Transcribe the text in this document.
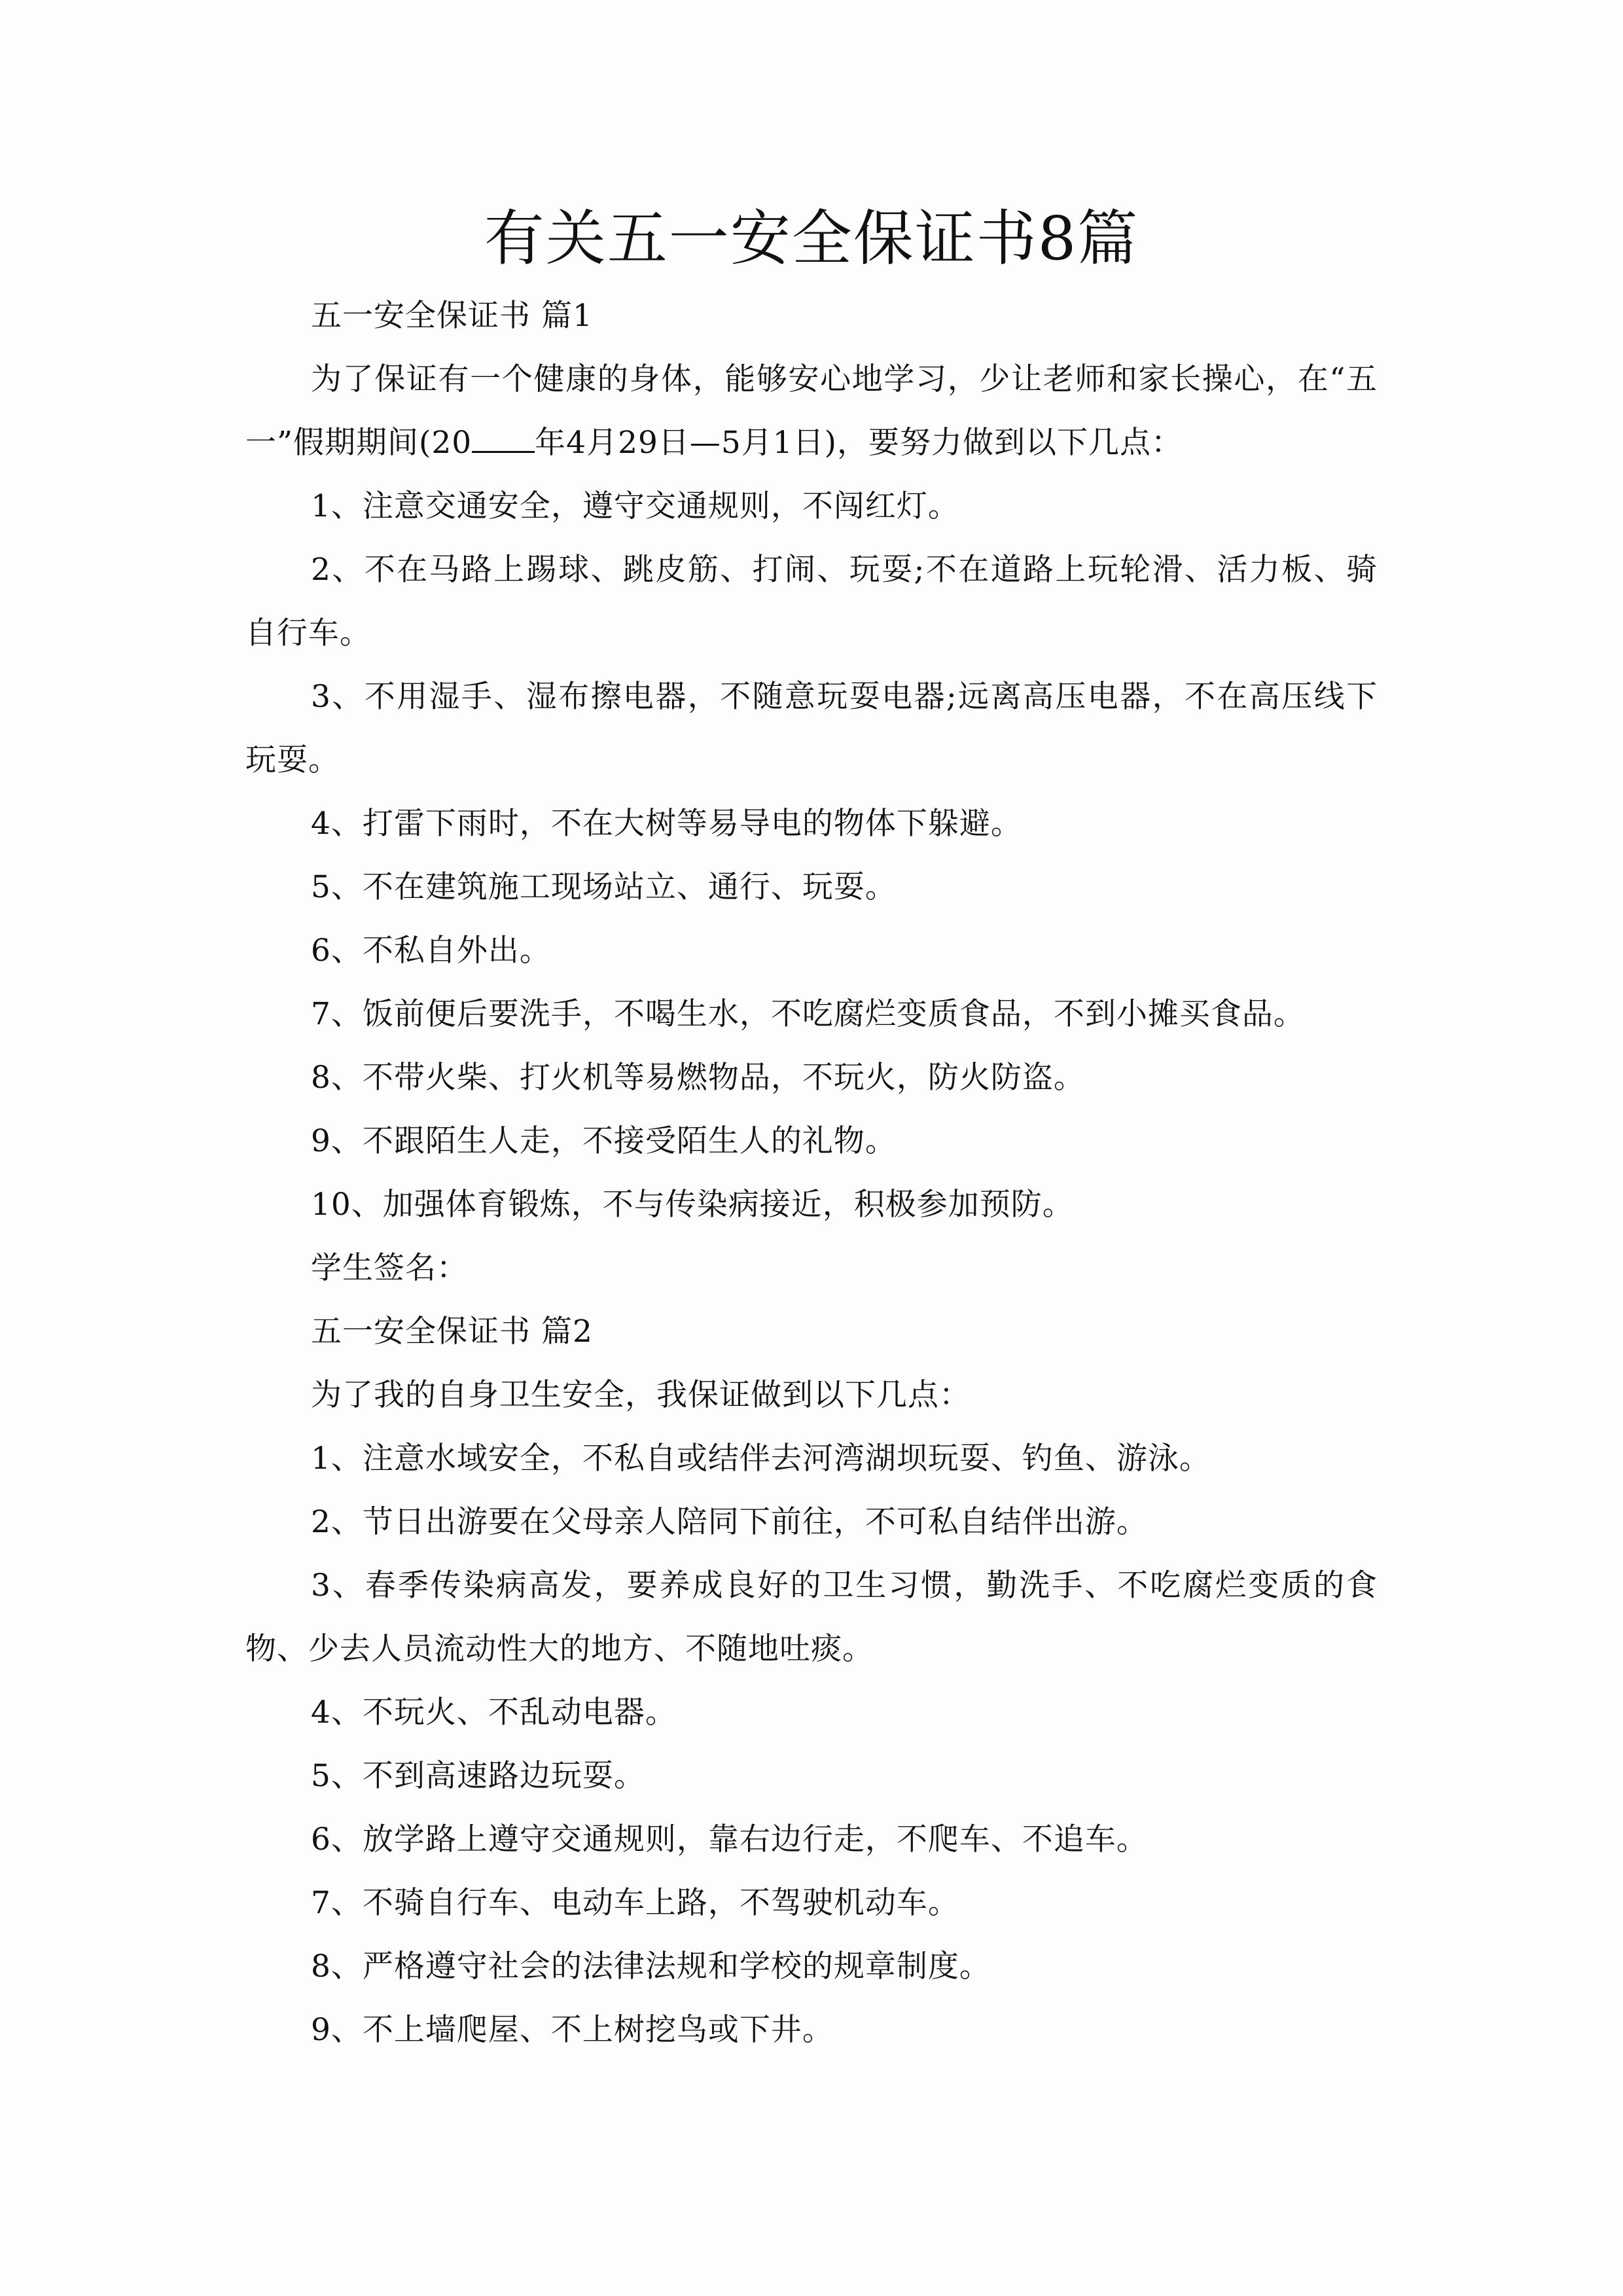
有关五一安全保证书8篇

五一安全保证书 篇1

为了保证有一个健康的身体，能够安心地学习，少让老师和家长操心，在“五一”假期期间(20 年4月29日—5月1日)，要努力做到以下几点：

1、注意交通安全，遵守交通规则，不闯红灯。

2、不在马路上踢球、跳皮筋、打闹、玩耍;不在道路上玩轮滑、活力板、骑自行车。

3、不用湿手、湿布擦电器，不随意玩耍电器;远离高压电器，不在高压线下玩耍。

4、打雷下雨时，不在大树等易导电的物体下躲避。

5、不在建筑施工现场站立、通行、玩耍。

6、不私自外出。

7、饭前便后要洗手，不喝生水，不吃腐烂变质食品，不到小摊买食品。

8、不带火柴、打火机等易燃物品，不玩火，防火防盗。

9、不跟陌生人走，不接受陌生人的礼物。

10、加强体育锻炼，不与传染病接近，积极参加预防。

学生签名：

五一安全保证书 篇2

为了我的自身卫生安全，我保证做到以下几点：

1、注意水域安全，不私自或结伴去河湾湖坝玩耍、钓鱼、游泳。

2、节日出游要在父母亲人陪同下前往，不可私自结伴出游。

3、春季传染病高发，要养成良好的卫生习惯，勤洗手、不吃腐烂变质的食物、少去人员流动性大的地方、不随地吐痰。

4、不玩火、不乱动电器。

5、不到高速路边玩耍。

6、放学路上遵守交通规则，靠右边行走，不爬车、不追车。

7、不骑自行车、电动车上路，不驾驶机动车。

8、严格遵守社会的法律法规和学校的规章制度。

9、不上墙爬屋、不上树挖鸟或下井。
